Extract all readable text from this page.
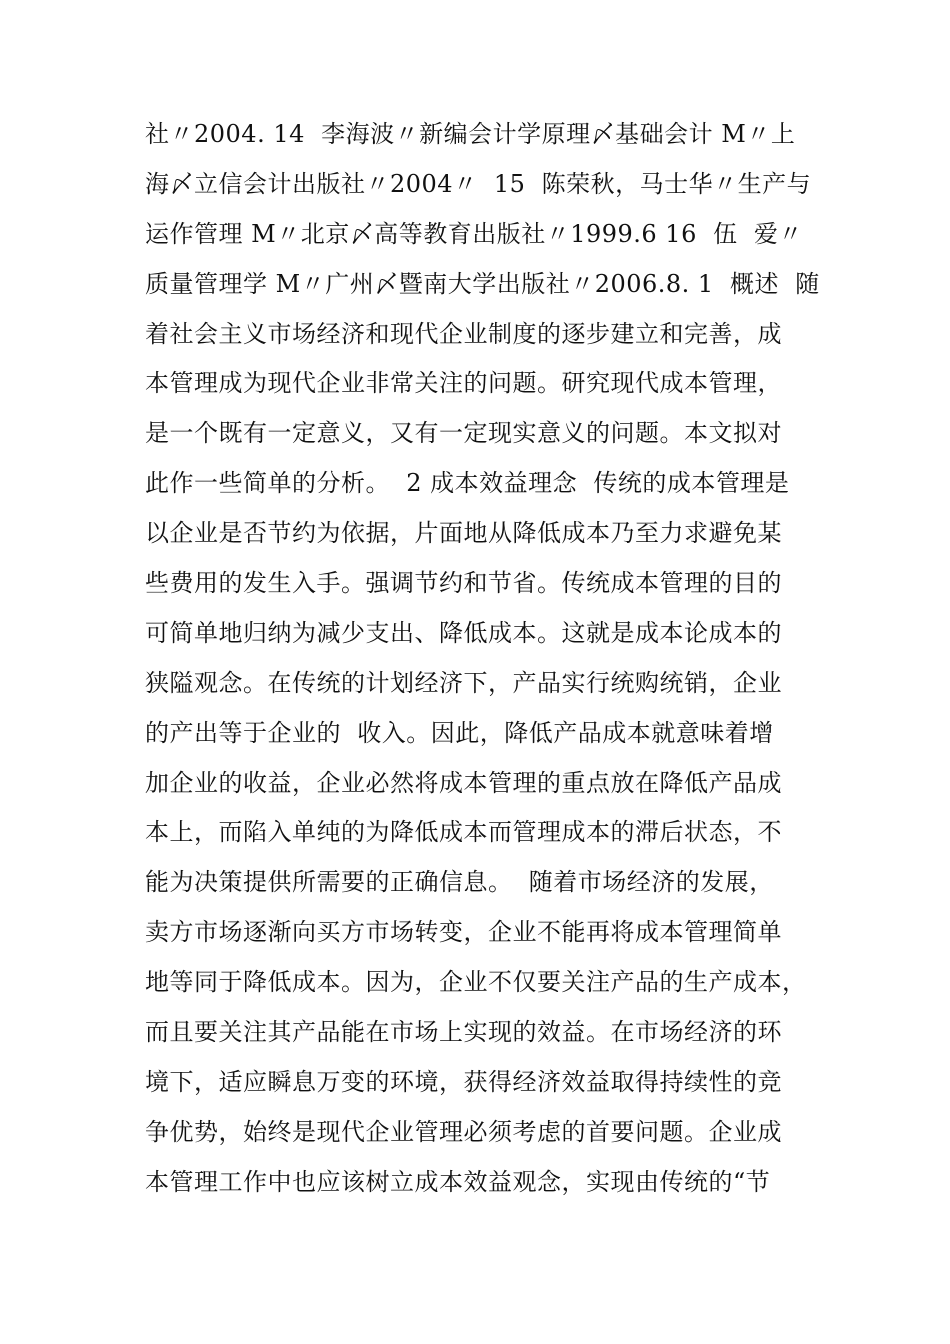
社〃2004. 14  李海波〃新编会计学原理〆基础会计 M〃上
海〆立信会计出版社〃2004〃  15  陈荣秋，马士华〃生产与
运作管理 M〃北京〆高等教育出版社〃1999.6 16  伍  爱〃
质量管理学 M〃广州〆暨南大学出版社〃2006.8. 1  概述  随
着社会主义市场经济和现代企业制度的逐步建立和完善，成
本管理成为现代企业非常关注的问题。研究现代成本管理，
是一个既有一定意义，又有一定现实意义的问题。本文拟对
此作一些简单的分析。  2 成本效益理念  传统的成本管理是
以企业是否节约为依据，片面地从降低成本乃至力求避免某
些费用的发生入手。强调节约和节省。传统成本管理的目的
可简单地归纳为减少支出、降低成本。这就是成本论成本的
狭隘观念。在传统的计划经济下，产品实行统购统销，企业
的产出等于企业的  收入。因此，降低产品成本就意味着增
加企业的收益，企业必然将成本管理的重点放在降低产品成
本上，而陷入单纯的为降低成本而管理成本的滞后状态，不
能为决策提供所需要的正确信息。  随着市场经济的发展，
卖方市场逐渐向买方市场转变，企业不能再将成本管理简单
地等同于降低成本。因为，企业不仅要关注产品的生产成本，
而且要关注其产品能在市场上实现的效益。在市场经济的环
境下，适应瞬息万变的环境，获得经济效益取得持续性的竞
争优势，始终是现代企业管理必须考虑的首要问题。企业成
本管理工作中也应该树立成本效益观念，实现由传统的“节
